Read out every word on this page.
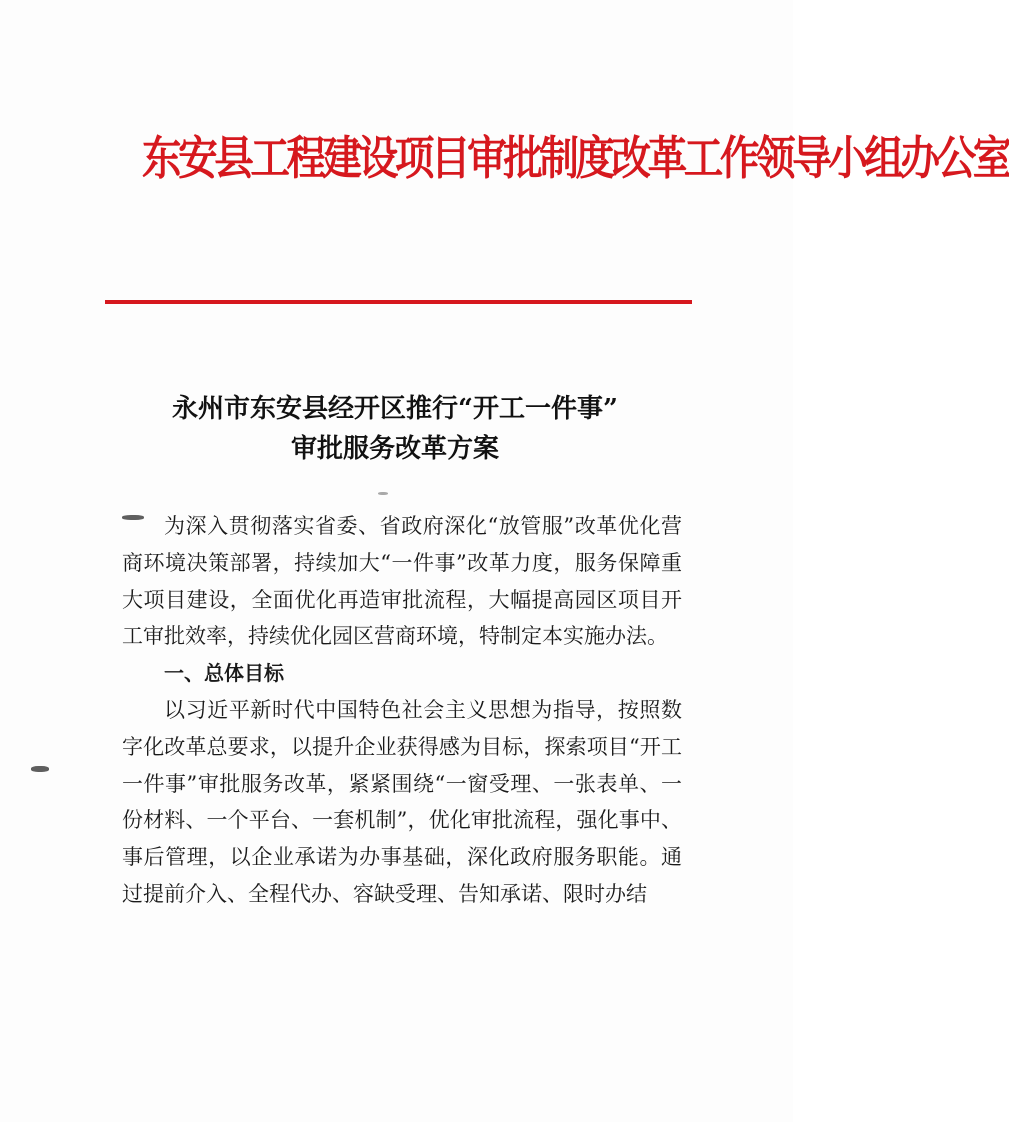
东安县工程建设项目审批制度改革工作领导小组办公室
永州市东安县经开区推行“开工一件事”
审批服务改革方案

为深入贯彻落实省委、省政府深化“放管服”改革优化营商环境决策部署，持续加大“一件事”改革力度，服务保障重大项目建设，全面优化再造审批流程，大幅提高园区项目开工审批效率，持续优化园区营商环境，特制定本实施办法。

一、总体目标

以习近平新时代中国特色社会主义思想为指导，按照数字化改革总要求，以提升企业获得感为目标，探索项目“开工一件事”审批服务改革，紧紧围绕“一窗受理、一张表单、一份材料、一个平台、一套机制”，优化审批流程，强化事中、事后管理，以企业承诺为办事基础，深化政府服务职能。通过提前介入、全程代办、容缺受理、告知承诺、限时办结
